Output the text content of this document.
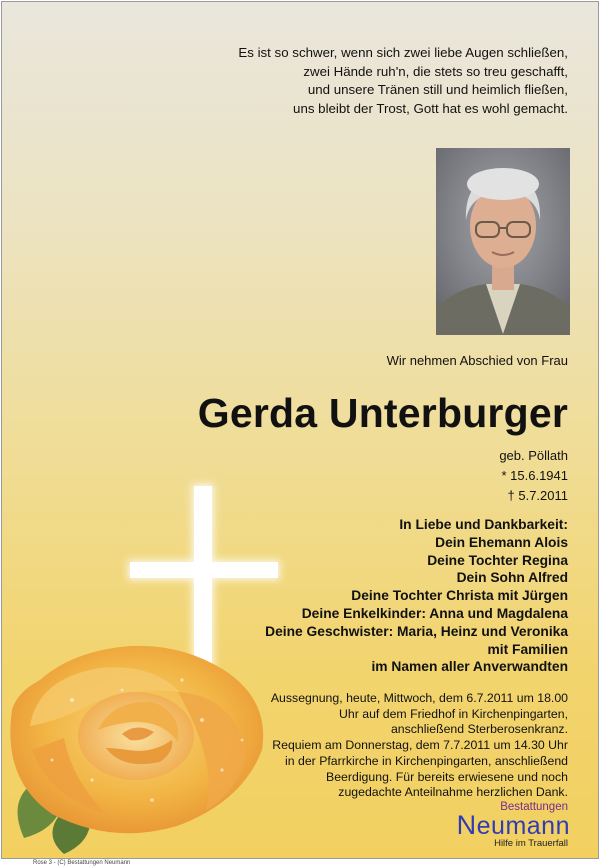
Es ist so schwer, wenn sich zwei liebe Augen schließen,
zwei Hände ruh'n, die stets so treu geschafft,
und unsere Tränen still und heimlich fließen,
uns bleibt der Trost, Gott hat es wohl gemacht.
Wir nehmen Abschied von Frau
Gerda Unterburger
geb. Pöllath
* 15.6.1941
† 5.7.2011
In Liebe und Dankbarkeit:
Dein Ehemann Alois
Deine Tochter Regina
Dein Sohn Alfred
Deine Tochter Christa mit Jürgen
Deine Enkelkinder: Anna und Magdalena
Deine Geschwister: Maria, Heinz und Veronika
mit Familien
im Namen aller Anverwandten
Aussegnung, heute, Mittwoch, dem 6.7.2011 um 18.00
Uhr auf dem Friedhof in Kirchenpingarten,
anschließend Sterberosenkranz.
Requiem am Donnerstag, dem 7.7.2011 um 14.30 Uhr
in der Pfarrkirche in Kirchenpingarten, anschließend
Beerdigung. Für bereits erwiesene und noch
zugedachte Anteilnahme herzlichen Dank.
Bestattungen
Neumann
Hilfe im Trauerfall
Rose 3 - (C) Bestattungen Neumann
